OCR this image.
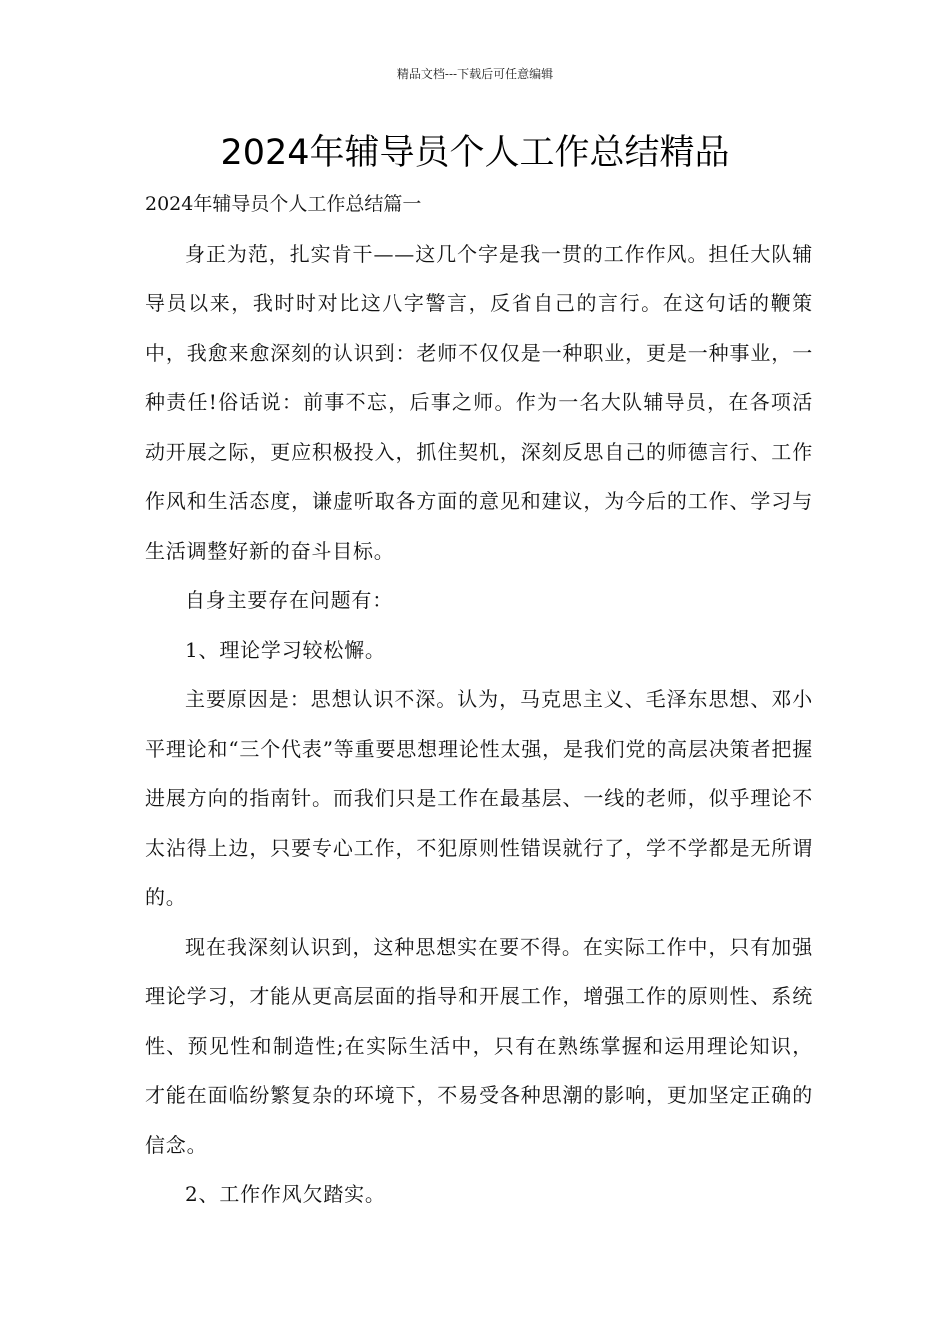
精品文档---下载后可任意编辑
2024年辅导员个人工作总结精品

2024年辅导员个人工作总结篇一

身正为范，扎实肯干——这几个字是我一贯的工作作风。担任大队辅导员以来，我时时对比这八字警言，反省自己的言行。在这句话的鞭策中，我愈来愈深刻的认识到：老师不仅仅是一种职业，更是一种事业，一种责任!俗话说：前事不忘，后事之师。作为一名大队辅导员，在各项活动开展之际，更应积极投入，抓住契机，深刻反思自己的师德言行、工作作风和生活态度，谦虚听取各方面的意见和建议，为今后的工作、学习与生活调整好新的奋斗目标。

自身主要存在问题有：

1、理论学习较松懈。

主要原因是：思想认识不深。认为，马克思主义、毛泽东思想、邓小平理论和“三个代表”等重要思想理论性太强，是我们党的高层决策者把握进展方向的指南针。而我们只是工作在最基层、一线的老师，似乎理论不太沾得上边，只要专心工作，不犯原则性错误就行了，学不学都是无所谓的。

现在我深刻认识到，这种思想实在要不得。在实际工作中，只有加强理论学习，才能从更高层面的指导和开展工作，增强工作的原则性、系统性、预见性和制造性;在实际生活中，只有在熟练掌握和运用理论知识，才能在面临纷繁复杂的环境下，不易受各种思潮的影响，更加坚定正确的信念。

2、工作作风欠踏实。
